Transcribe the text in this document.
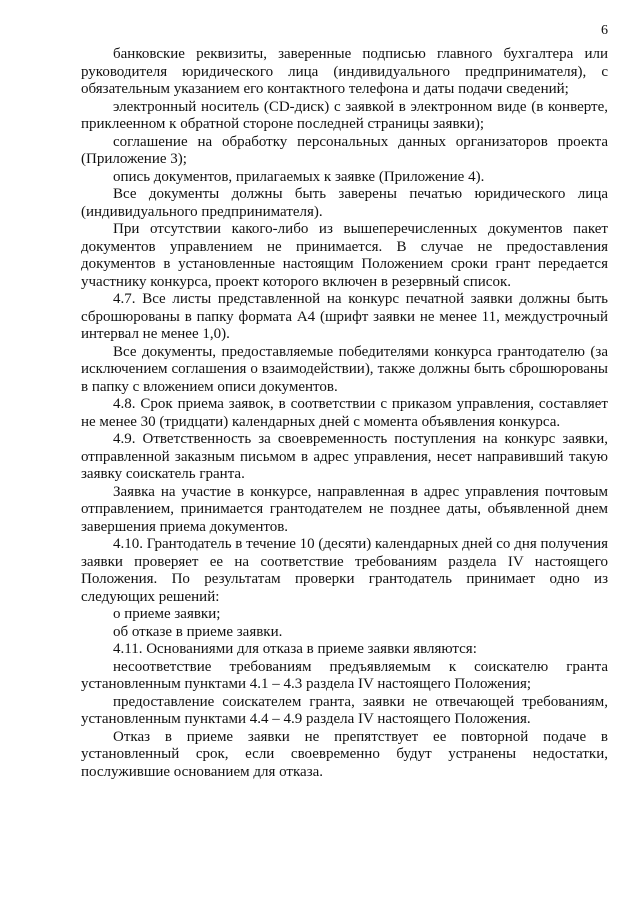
6

банковские реквизиты, заверенные подписью главного бухгалтера или руководителя юридического лица (индивидуального предпринимателя), с обязательным указанием его контактного телефона и даты подачи сведений;

электронный носитель (CD-диск) с заявкой в электронном виде (в конверте, приклеенном к обратной стороне последней страницы заявки);

соглашение на обработку персональных данных организаторов проекта (Приложение 3);

опись документов, прилагаемых к заявке (Приложение 4).

Все документы должны быть заверены печатью юридического лица (индивидуального предпринимателя).

При отсутствии какого-либо из вышеперечисленных документов пакет документов управлением не принимается. В случае не предоставления документов в установленные настоящим Положением сроки грант передается участнику конкурса, проект которого включен в резервный список.

4.7. Все листы представленной на конкурс печатной заявки должны быть сброшюрованы в папку формата А4 (шрифт заявки не менее 11, междустрочный интервал не менее 1,0).

Все документы, предоставляемые победителями конкурса грантодателю (за исключением соглашения о взаимодействии), также должны быть сброшюрованы в папку с вложением описи документов.

4.8. Срок приема заявок, в соответствии с приказом управления, составляет не менее 30 (тридцати) календарных дней с момента объявления конкурса.

4.9. Ответственность за своевременность поступления на конкурс заявки, отправленной заказным письмом в адрес управления, несет направивший такую заявку соискатель гранта.

Заявка на участие в конкурсе, направленная в адрес управления почтовым отправлением, принимается грантодателем не позднее даты, объявленной днем завершения приема документов.

4.10. Грантодатель в течение 10 (десяти) календарных дней со дня получения заявки проверяет ее на соответствие требованиям раздела IV настоящего Положения. По результатам проверки грантодатель принимает одно из следующих решений:

о приеме заявки;

об отказе в приеме заявки.

4.11. Основаниями для отказа в приеме заявки являются:

несоответствие требованиям предъявляемым к соискателю гранта установленным пунктами 4.1 – 4.3 раздела IV настоящего Положения;

предоставление соискателем гранта, заявки не отвечающей требованиям, установленным пунктами 4.4 – 4.9 раздела IV настоящего Положения.

Отказ в приеме заявки не препятствует ее повторной подаче в установленный срок, если своевременно будут устранены недостатки, послужившие основанием для отказа.
